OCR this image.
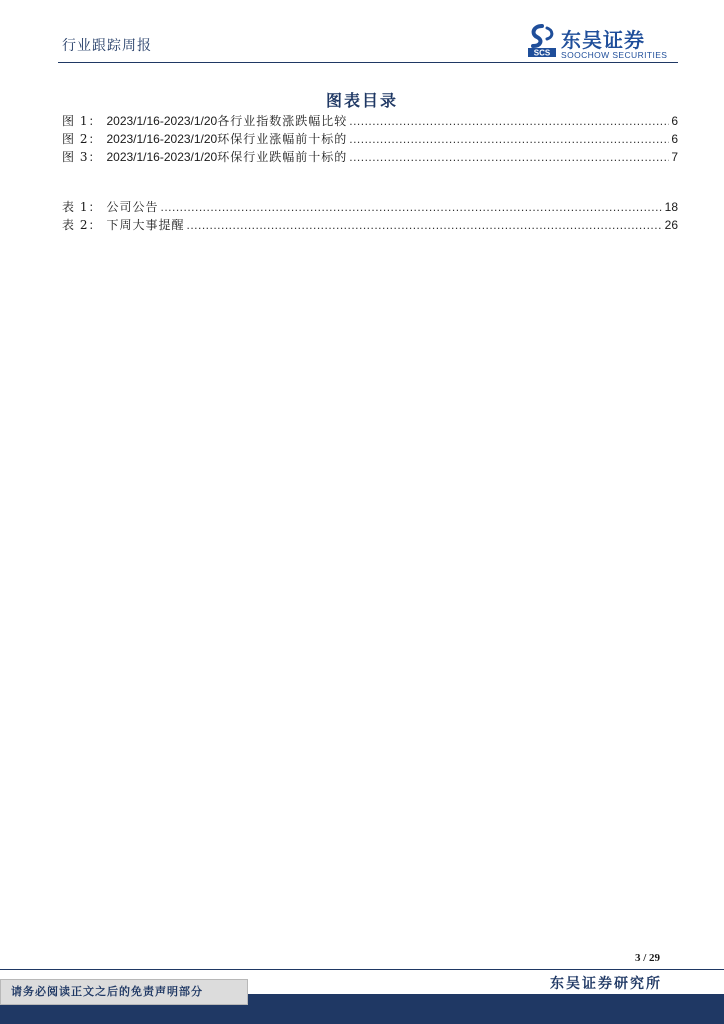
行业跟踪周报	SCS
东吴证券
SOOCHOW SECURITIES
图表目录
图 1 ： 2023/1/16-2023/1/20 各行业指数涨跌幅比较 .....	6
图 2 ： 2023/1/16-2023/1/20 环保行业涨幅前十标的 .....	6
图 3 ： 2023/1/16-2023/1/20 环保行业跌幅前十标的 .....	7
表 1 ： 公司公告 .....	18
表 2 ： 下周大事提醒 .....	26
3 / 29
东吴证券研究所
请务必阅读正文之后的免责声明部分
